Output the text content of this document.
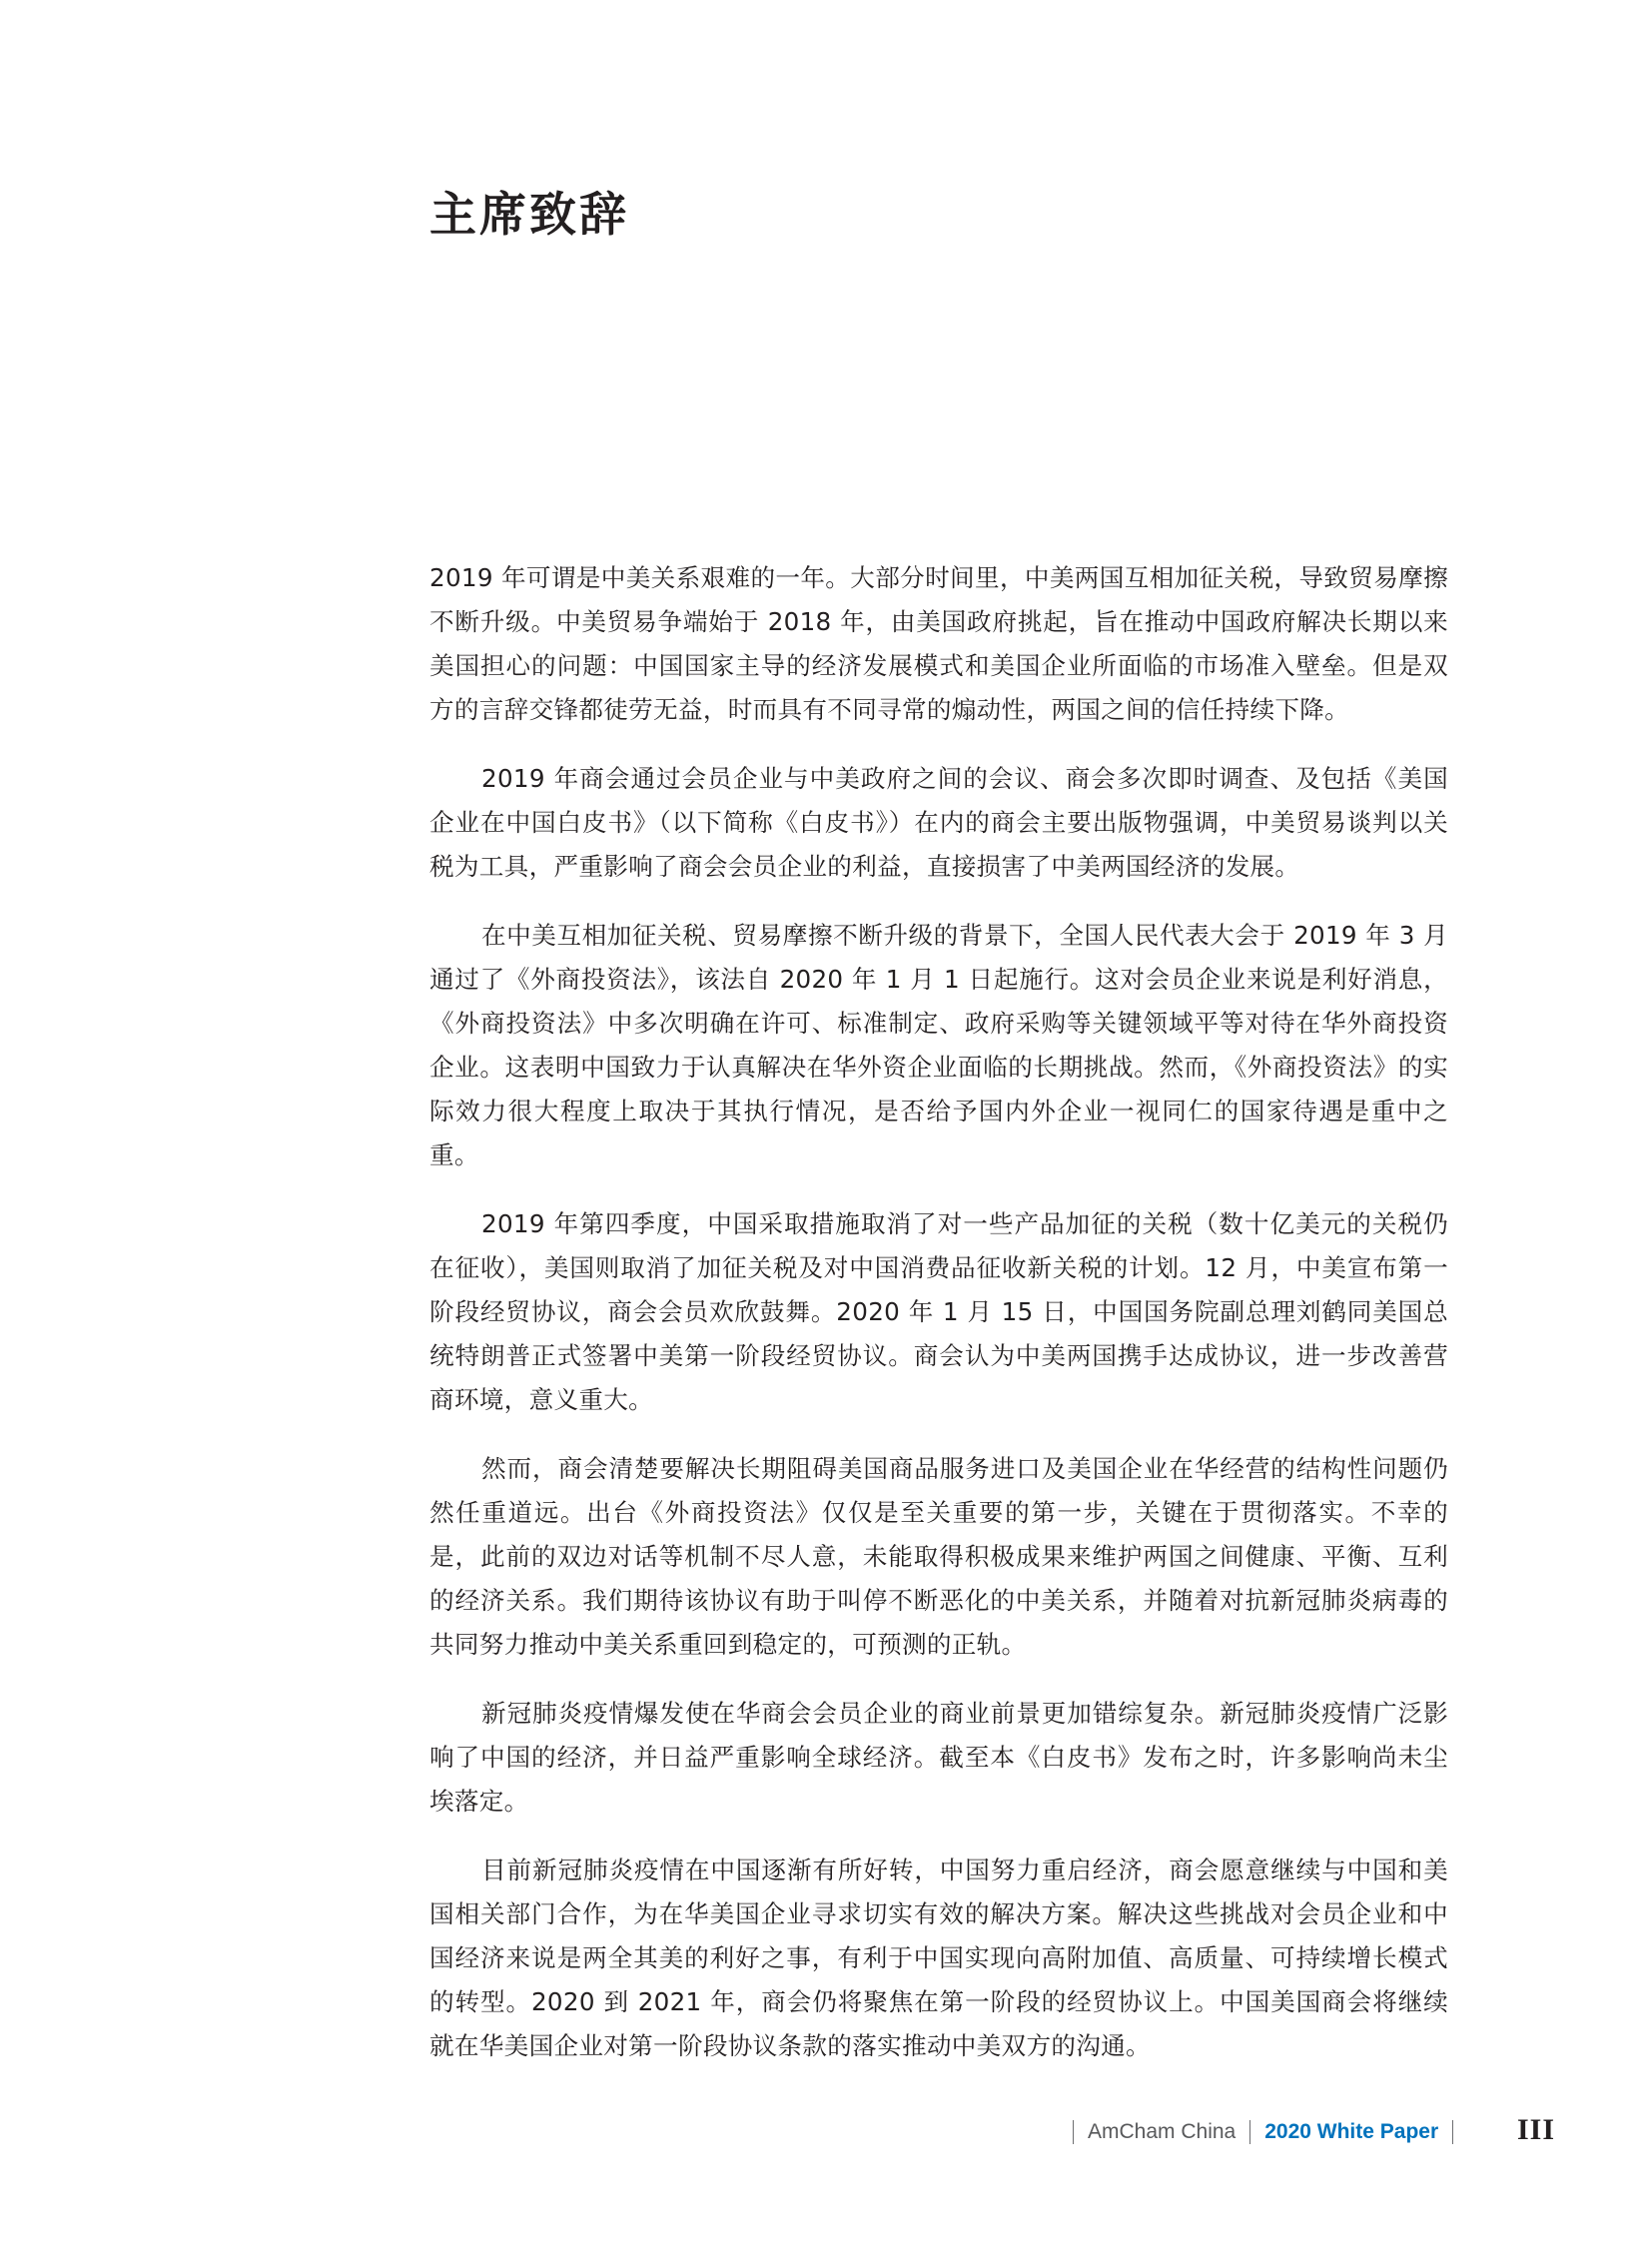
主席致辞

2019 年可谓是中美关系艰难的一年。大部分时间里，中美两国互相加征关税，导致贸易摩擦不断升级。中美贸易争端始于 2018 年，由美国政府挑起，旨在推动中国政府解决长期以来美国担心的问题：中国国家主导的经济发展模式和美国企业所面临的市场准入壁垒。但是双方的言辞交锋都徒劳无益，时而具有不同寻常的煽动性，两国之间的信任持续下降。

2019 年商会通过会员企业与中美政府之间的会议、商会多次即时调查、及包括《美国企业在中国白皮书》（以下简称《白皮书》）在内的商会主要出版物强调，中美贸易谈判以关税为工具，严重影响了商会会员企业的利益，直接损害了中美两国经济的发展。

在中美互相加征关税、贸易摩擦不断升级的背景下，全国人民代表大会于 2019 年 3 月通过了《外商投资法》，该法自 2020 年 1 月 1 日起施行。这对会员企业来说是利好消息，《外商投资法》中多次明确在许可、标准制定、政府采购等关键领域平等对待在华外商投资企业。这表明中国致力于认真解决在华外资企业面临的长期挑战。然而，《外商投资法》的实际效力很大程度上取决于其执行情况，是否给予国内外企业一视同仁的国家待遇是重中之重。

2019 年第四季度，中国采取措施取消了对一些产品加征的关税（数十亿美元的关税仍在征收），美国则取消了加征关税及对中国消费品征收新关税的计划。12 月，中美宣布第一阶段经贸协议，商会会员欢欣鼓舞。2020 年 1 月 15 日，中国国务院副总理刘鹤同美国总统特朗普正式签署中美第一阶段经贸协议。商会认为中美两国携手达成协议，进一步改善营商环境，意义重大。

然而，商会清楚要解决长期阻碍美国商品服务进口及美国企业在华经营的结构性问题仍然任重道远。出台《外商投资法》仅仅是至关重要的第一步，关键在于贯彻落实。不幸的是，此前的双边对话等机制不尽人意，未能取得积极成果来维护两国之间健康、平衡、互利的经济关系。我们期待该协议有助于叫停不断恶化的中美关系，并随着对抗新冠肺炎病毒的共同努力推动中美关系重回到稳定的，可预测的正轨。

新冠肺炎疫情爆发使在华商会会员企业的商业前景更加错综复杂。新冠肺炎疫情广泛影响了中国的经济，并日益严重影响全球经济。截至本《白皮书》发布之时，许多影响尚未尘埃落定。

目前新冠肺炎疫情在中国逐渐有所好转，中国努力重启经济，商会愿意继续与中国和美国相关部门合作，为在华美国企业寻求切实有效的解决方案。解决这些挑战对会员企业和中国经济来说是两全其美的利好之事，有利于中国实现向高附加值、高质量、可持续增长模式的转型。2020 到 2021 年，商会仍将聚焦在第一阶段的经贸协议上。中国美国商会将继续就在华美国企业对第一阶段协议条款的落实推动中美双方的沟通。

AmCham China 2020 White Paper	III
